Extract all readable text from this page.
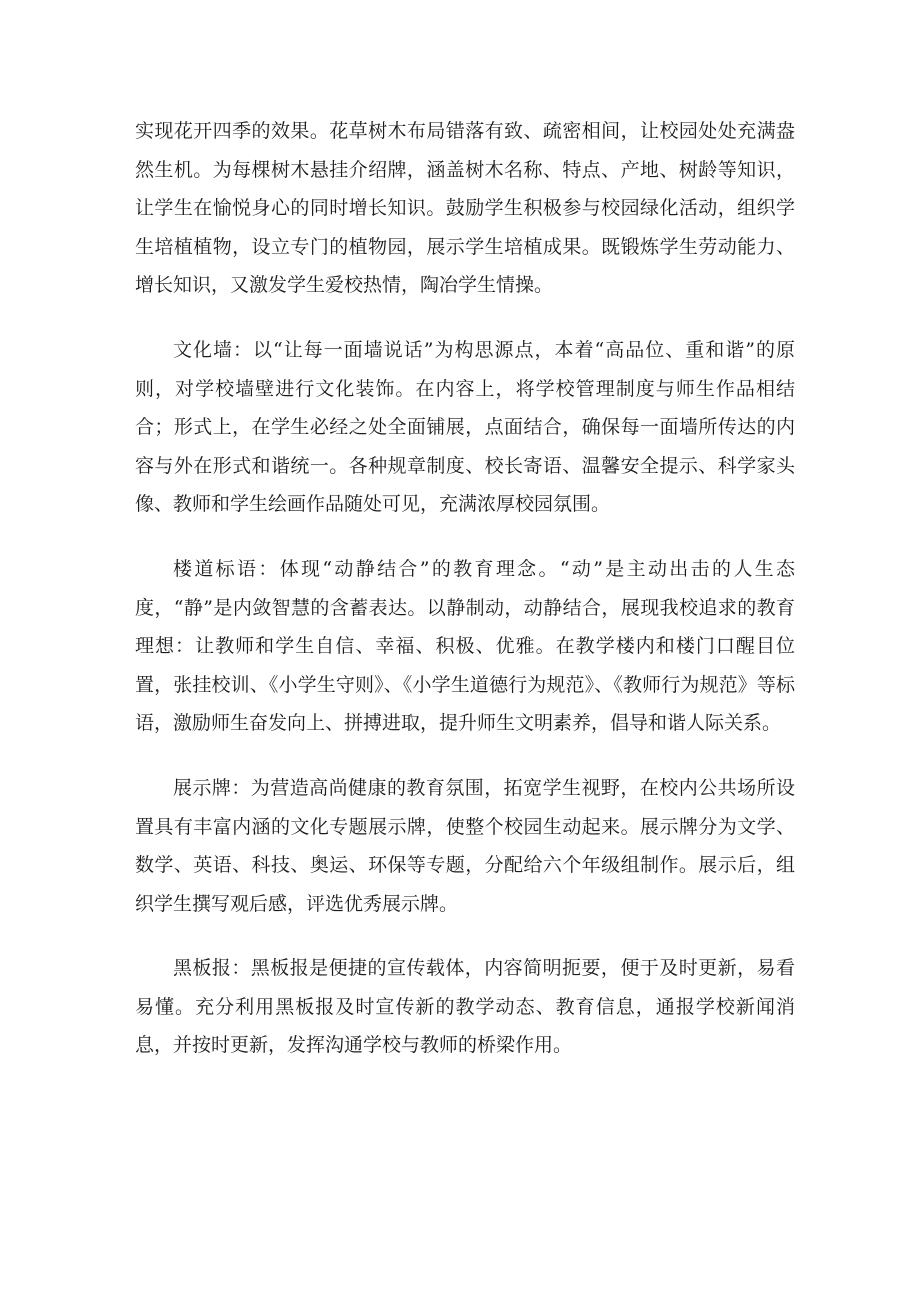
实现花开四季的效果。花草树木布局错落有致、疏密相间，让校园处处充满盎然生机。为每棵树木悬挂介绍牌，涵盖树木名称、特点、产地、树龄等知识，让学生在愉悦身心的同时增长知识。鼓励学生积极参与校园绿化活动，组织学生培植植物，设立专门的植物园，展示学生培植成果。既锻炼学生劳动能力、增长知识，又激发学生爱校热情，陶冶学生情操。

文化墙：以“让每一面墙说话”为构思源点，本着“高品位、重和谐”的原则，对学校墙壁进行文化装饰。在内容上，将学校管理制度与师生作品相结合；形式上，在学生必经之处全面铺展，点面结合，确保每一面墙所传达的内容与外在形式和谐统一。各种规章制度、校长寄语、温馨安全提示、科学家头像、教师和学生绘画作品随处可见，充满浓厚校园氛围。

楼道标语：体现“动静结合”的教育理念。“动”是主动出击的人生态度，“静”是内敛智慧的含蓄表达。以静制动，动静结合，展现我校追求的教育理想：让教师和学生自信、幸福、积极、优雅。在教学楼内和楼门口醒目位置，张挂校训、《小学生守则》、《小学生道德行为规范》、《教师行为规范》等标语，激励师生奋发向上、拼搏进取，提升师生文明素养，倡导和谐人际关系。

展示牌：为营造高尚健康的教育氛围，拓宽学生视野，在校内公共场所设置具有丰富内涵的文化专题展示牌，使整个校园生动起来。展示牌分为文学、数学、英语、科技、奥运、环保等专题，分配给六个年级组制作。展示后，组织学生撰写观后感，评选优秀展示牌。

黑板报：黑板报是便捷的宣传载体，内容简明扼要，便于及时更新，易看易懂。充分利用黑板报及时宣传新的教学动态、教育信息，通报学校新闻消息，并按时更新，发挥沟通学校与教师的桥梁作用。
